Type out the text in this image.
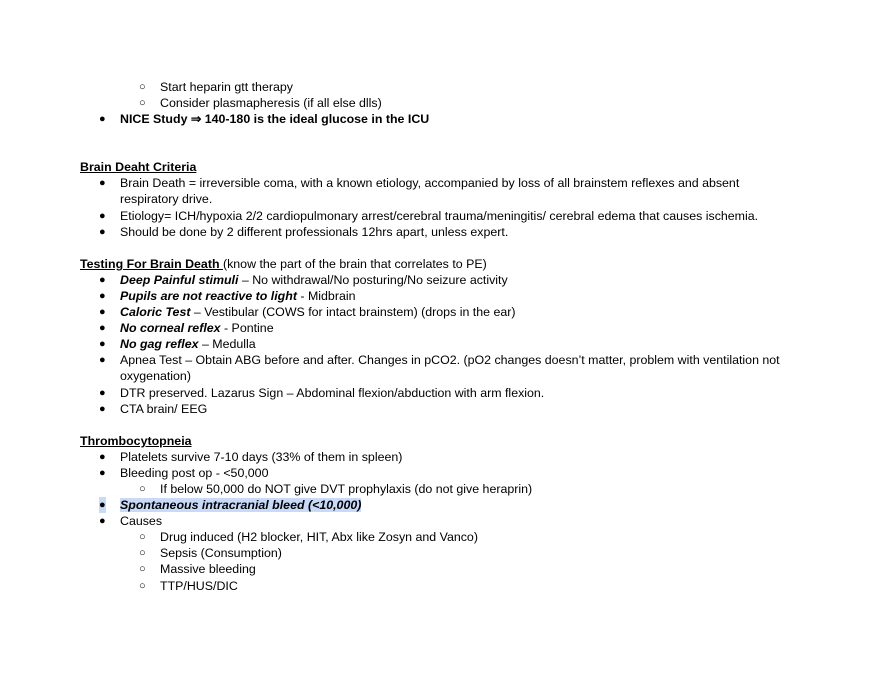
○ Start heparin gtt therapy
○ Consider plasmapheresis (if all else dlls)
● NICE Study ⇒ 140-180 is the ideal glucose in the ICU
Brain Deaht Criteria
● Brain Death = irreversible coma, with a known etiology, accompanied by loss of all brainstem reflexes and absent respiratory drive.
● Etiology= ICH/hypoxia 2/2 cardiopulmonary arrest/cerebral trauma/meningitis/ cerebral edema that causes ischemia.
● Should be done by 2 different professionals 12hrs apart, unless expert.
Testing For Brain Death (know the part of the brain that correlates to PE)
● Deep Painful stimuli – No withdrawal/No posturing/No seizure activity
● Pupils are not reactive to light - Midbrain
● Caloric Test – Vestibular (COWS for intact brainstem) (drops in the ear)
● No corneal reflex - Pontine
● No gag reflex – Medulla
● Apnea Test – Obtain ABG before and after. Changes in pCO2. (pO2 changes doesn’t matter, problem with ventilation not oxygenation)
● DTR preserved. Lazarus Sign – Abdominal flexion/abduction with arm flexion.
● CTA brain/ EEG
Thrombocytopneia
● Platelets survive 7-10 days (33% of them in spleen)
● Bleeding post op - <50,000
○ If below 50,000 do NOT give DVT prophylaxis (do not give heraprin)
● Spontaneous intracranial bleed (<10,000)
● Causes
○ Drug induced (H2 blocker, HIT, Abx like Zosyn and Vanco)
○ Sepsis (Consumption)
○ Massive bleeding
○ TTP/HUS/DIC
